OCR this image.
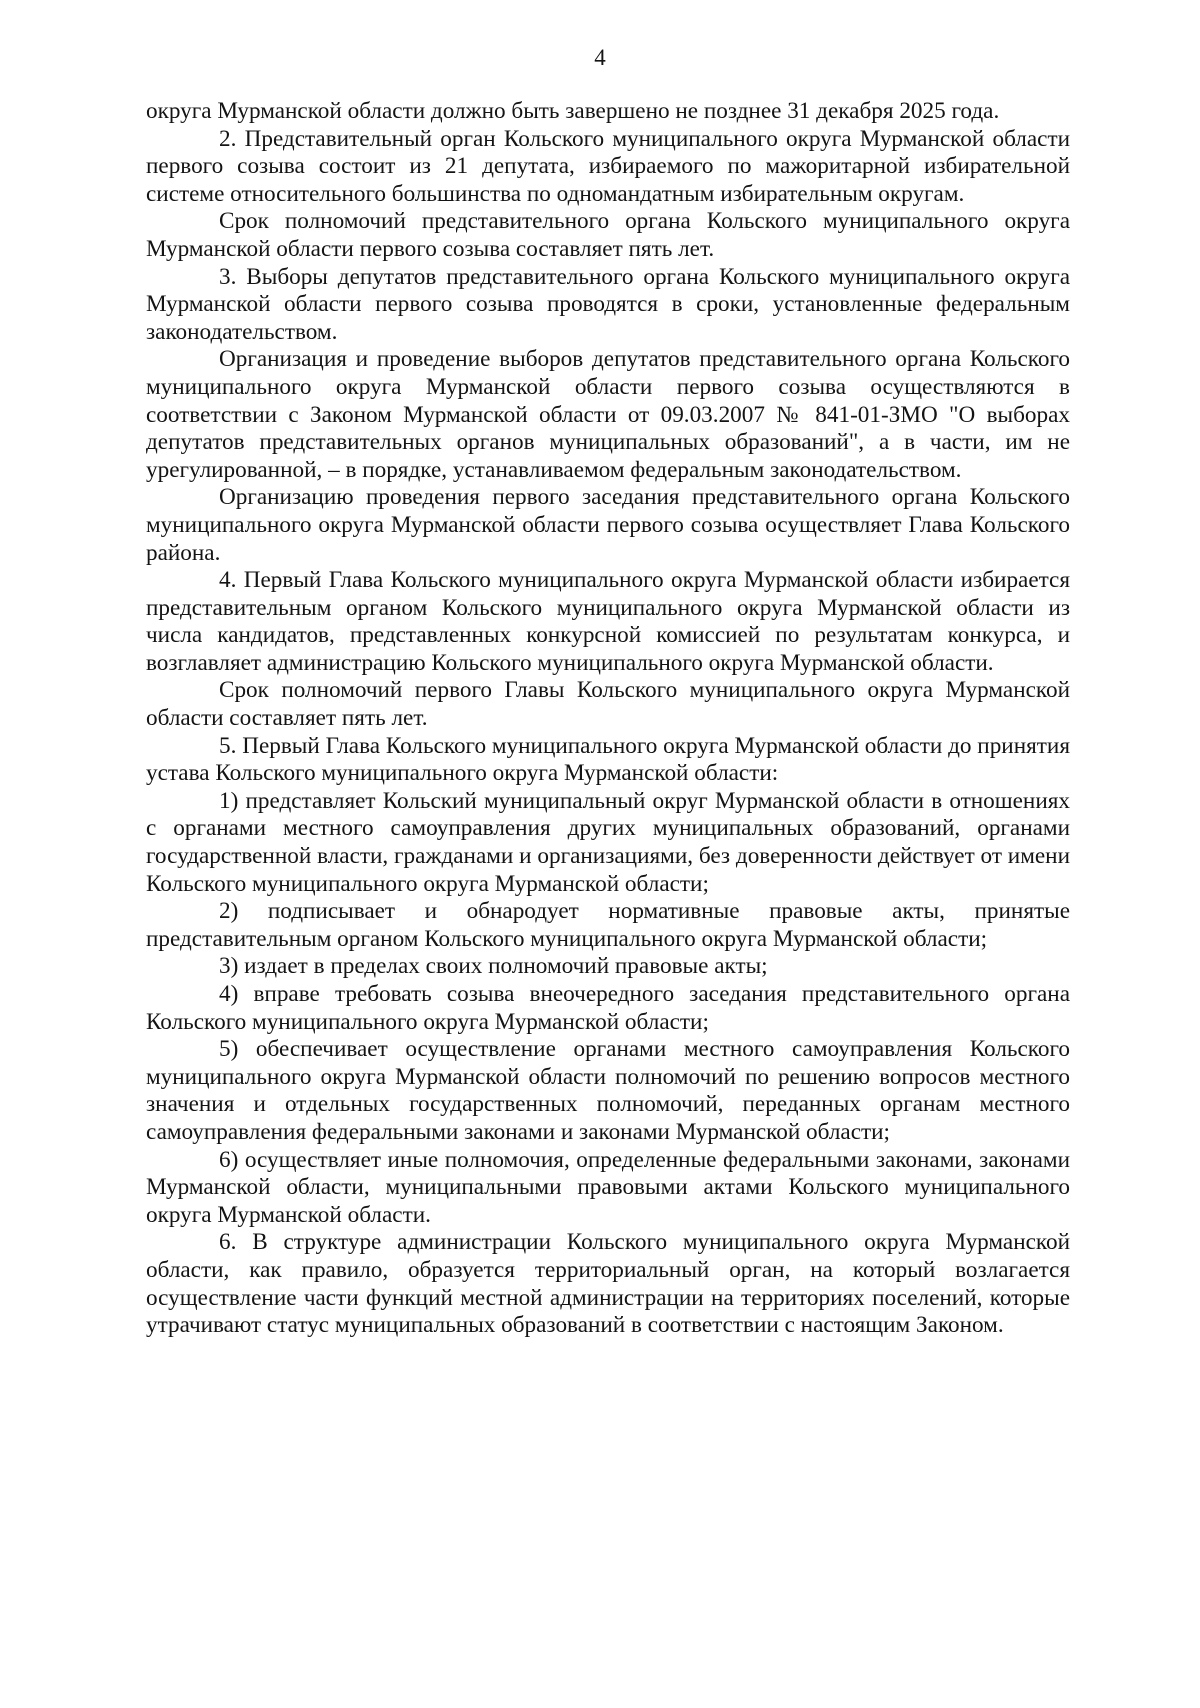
4

округа Мурманской области должно быть завершено не позднее 31 декабря 2025 года.

2. Представительный орган Кольского муниципального округа Мурманской области первого созыва состоит из 21 депутата, избираемого по мажоритарной избирательной системе относительного большинства по одномандатным избирательным округам.

Срок полномочий представительного органа Кольского муниципального округа Мурманской области первого созыва составляет пять лет.

3. Выборы депутатов представительного органа Кольского муниципального округа Мурманской области первого созыва проводятся в сроки, установленные федеральным законодательством.

Организация и проведение выборов депутатов представительного органа Кольского муниципального округа Мурманской области первого созыва осуществляются в соответствии с Законом Мурманской области от 09.03.2007 № 841-01-ЗМО "О выборах депутатов представительных органов муниципальных образований", а в части, им не урегулированной, – в порядке, устанавливаемом федеральным законодательством.

Организацию проведения первого заседания представительного органа Кольского муниципального округа Мурманской области первого созыва осуществляет Глава Кольского района.

4. Первый Глава Кольского муниципального округа Мурманской области избирается представительным органом Кольского муниципального округа Мурманской области из числа кандидатов, представленных конкурсной комиссией по результатам конкурса, и возглавляет администрацию Кольского муниципального округа Мурманской области.

Срок полномочий первого Главы Кольского муниципального округа Мурманской области составляет пять лет.

5. Первый Глава Кольского муниципального округа Мурманской области до принятия устава Кольского муниципального округа Мурманской области:

1) представляет Кольский муниципальный округ Мурманской области в отношениях с органами местного самоуправления других муниципальных образований, органами государственной власти, гражданами и организациями, без доверенности действует от имени Кольского муниципального округа Мурманской области;

2) подписывает и обнародует нормативные правовые акты, принятые представительным органом Кольского муниципального округа Мурманской области;

3) издает в пределах своих полномочий правовые акты;

4) вправе требовать созыва внеочередного заседания представительного органа Кольского муниципального округа Мурманской области;

5) обеспечивает осуществление органами местного самоуправления Кольского муниципального округа Мурманской области полномочий по решению вопросов местного значения и отдельных государственных полномочий, переданных органам местного самоуправления федеральными законами и законами Мурманской области;

6) осуществляет иные полномочия, определенные федеральными законами, законами Мурманской области, муниципальными правовыми актами Кольского муниципального округа Мурманской области.

6. В структуре администрации Кольского муниципального округа Мурманской области, как правило, образуется территориальный орган, на который возлагается осуществление части функций местной администрации на территориях поселений, которые утрачивают статус муниципальных образований в соответствии с настоящим Законом.
